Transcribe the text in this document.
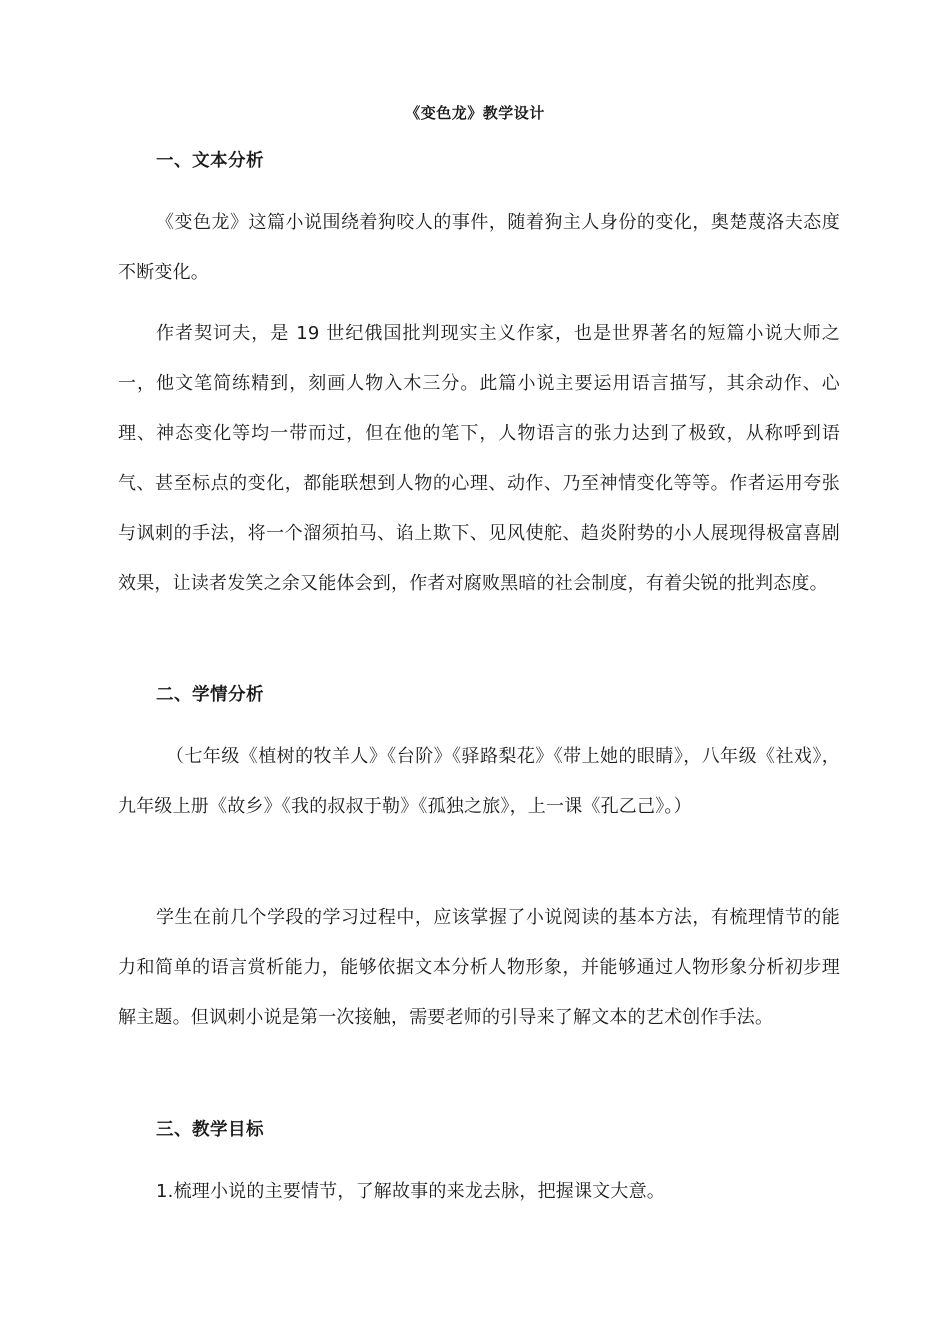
《变色龙》教学设计
一、文本分析

《变色龙》这篇小说围绕着狗咬人的事件，随着狗主人身份的变化，奥楚蔑洛夫态度不断变化。

作者契诃夫，是 19 世纪俄国批判现实主义作家，也是世界著名的短篇小说大师之一，他文笔简练精到，刻画人物入木三分。此篇小说主要运用语言描写，其余动作、心理、神态变化等均一带而过，但在他的笔下，人物语言的张力达到了极致，从称呼到语气、甚至标点的变化，都能联想到人物的心理、动作、乃至神情变化等等。作者运用夸张与讽刺的手法，将一个溜须拍马、谄上欺下、见风使舵、趋炎附势的小人展现得极富喜剧效果，让读者发笑之余又能体会到，作者对腐败黑暗的社会制度，有着尖锐的批判态度。

二、学情分析

（七年级《植树的牧羊人》《台阶》《驿路梨花》《带上她的眼睛》，八年级《社戏》，九年级上册《故乡》《我的叔叔于勒》《孤独之旅》，上一课《孔乙己》。）

学生在前几个学段的学习过程中，应该掌握了小说阅读的基本方法，有梳理情节的能力和简单的语言赏析能力，能够依据文本分析人物形象，并能够通过人物形象分析初步理解主题。但讽刺小说是第一次接触，需要老师的引导来了解文本的艺术创作手法。

三、教学目标

1.梳理小说的主要情节，了解故事的来龙去脉，把握课文大意。
